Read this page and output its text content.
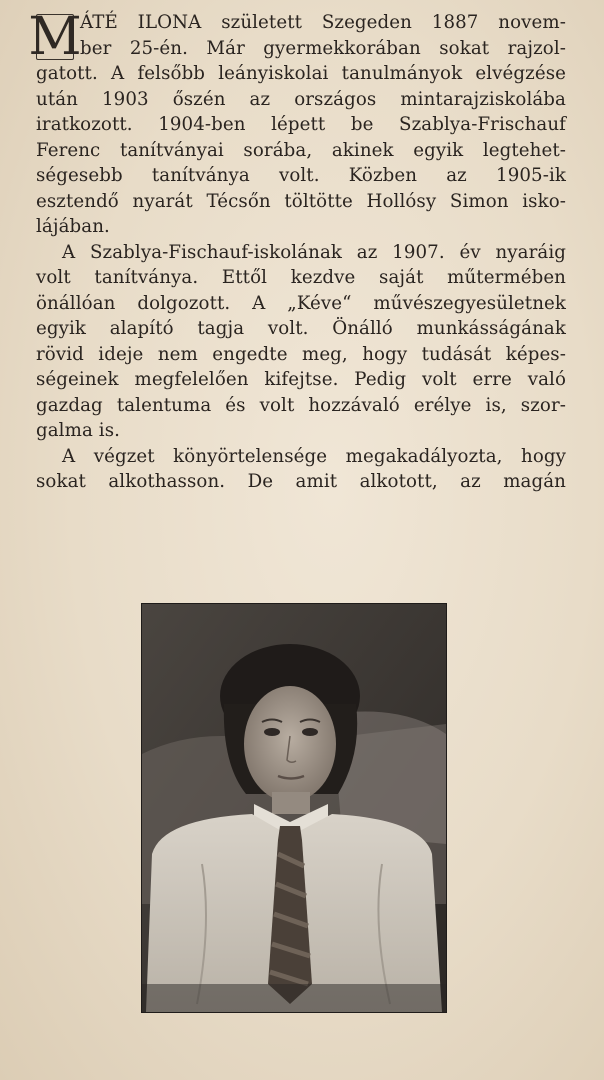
M
ÁTÉ ILONA született Szegeden 1887 novem-
ber 25-én. Már gyermekkorában sokat rajzol-
gatott. A felsőbb leányiskolai tanulmányok elvégzése
után 1903 őszén az országos mintarajziskolába
iratkozott. 1904-ben lépett be Szablya-Frischauf
Ferenc tanítványai sorába, akinek egyik legtehet-
ségesebb tanítványa volt. Közben az 1905-ik
esztendő nyarát Técsőn töltötte Hollósy Simon isko-
lájában.
A Szablya-Fischauf-iskolának az 1907. év nyaráig
volt tanítványa. Ettől kezdve saját műtermében
önállóan dolgozott. A „Kéve“ művészegyesületnek
egyik alapító tagja volt. Önálló munkásságának
rövid ideje nem engedte meg, hogy tudását képes-
ségeinek megfelelően kifejtse. Pedig volt erre való
gazdag talentuma és volt hozzávaló erélye is, szor-
galma is.
A végzet könyörtelensége megakadályozta, hogy
sokat alkothasson. De amit alkotott, az magán
